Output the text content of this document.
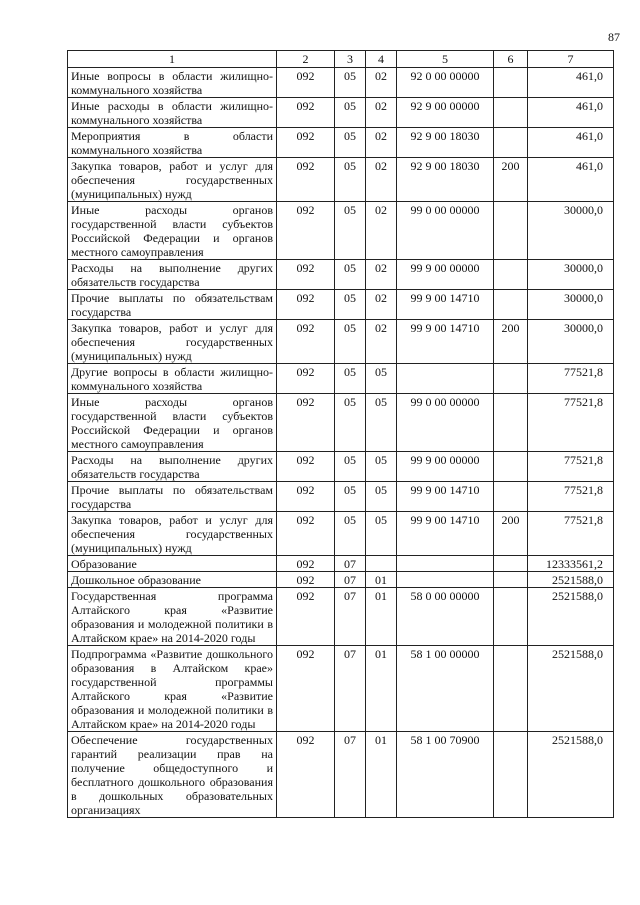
87
1	2	3	4	5	6	7
Иные вопросы в области жилищно-коммунального хозяйства	092	05	02	92 0 00 00000		461,0
Иные расходы в области жилищно-коммунального хозяйства	092	05	02	92 9 00 00000		461,0
Мероприятия в области коммунального хозяйства	092	05	02	92 9 00 18030		461,0
Закупка товаров, работ и услуг для обеспечения государственных (муниципальных) нужд	092	05	02	92 9 00 18030	200	461,0
Иные расходы органов государственной власти субъектов Российской Федерации и органов местного самоуправления	092	05	02	99 0 00 00000		30000,0
Расходы на выполнение других обязательств государства	092	05	02	99 9 00 00000		30000,0
Прочие выплаты по обязательствам государства	092	05	02	99 9 00 14710		30000,0
Закупка товаров, работ и услуг для обеспечения государственных (муниципальных) нужд	092	05	02	99 9 00 14710	200	30000,0
Другие вопросы в области жилищно-коммунального хозяйства	092	05	05			77521,8
Иные расходы органов государственной власти субъектов Российской Федерации и органов местного самоуправления	092	05	05	99 0 00 00000		77521,8
Расходы на выполнение других обязательств государства	092	05	05	99 9 00 00000		77521,8
Прочие выплаты по обязательствам государства	092	05	05	99 9 00 14710		77521,8
Закупка товаров, работ и услуг для обеспечения государственных (муниципальных) нужд	092	05	05	99 9 00 14710	200	77521,8
Образование	092	07				12333561,2
Дошкольное образование	092	07	01			2521588,0
Государственная программа Алтайского края «Развитие образования и молодежной политики в Алтайском крае» на 2014-2020 годы	092	07	01	58 0 00 00000		2521588,0
Подпрограмма «Развитие дошкольного образования в Алтайском крае» государственной программы Алтайского края «Развитие образования и молодежной политики в Алтайском крае» на 2014-2020 годы	092	07	01	58 1 00 00000		2521588,0
Обеспечение государственных гарантий реализации прав на получение общедоступного и бесплатного дошкольного образования в дошкольных образовательных организациях	092	07	01	58 1 00 70900		2521588,0
